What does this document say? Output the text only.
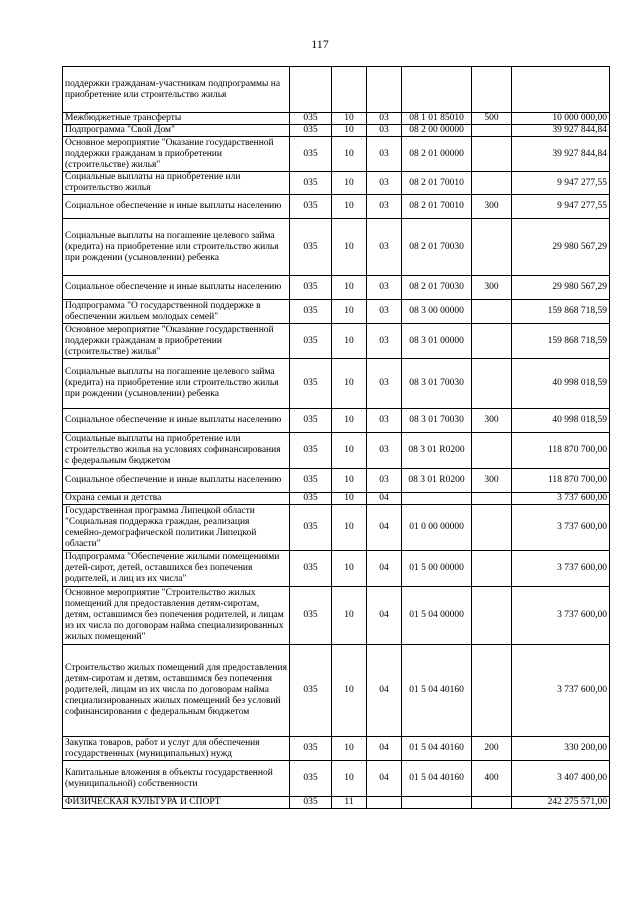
117
поддержки гражданам-участникам подпрограммы на приобретение или строительство жилья						
Межбюджетные трансферты	035	10	03	08 1 01 85010	500	10 000 000,00
Подпрограмма "Свой Дом"	035	10	03	08 2 00 00000		39 927 844,84
Основное мероприятие "Оказание государственной поддержки гражданам в приобретении (строительстве) жилья"	035	10	03	08 2 01 00000		39 927 844,84
Социальные выплаты на приобретение или строительство жилья	035	10	03	08 2 01 70010		9 947 277,55
Социальное обеспечение и иные выплаты населению	035	10	03	08 2 01 70010	300	9 947 277,55
Социальные выплаты на погашение целевого займа (кредита) на приобретение или строительство жилья при рождении (усыновлении) ребенка	035	10	03	08 2 01 70030		29 980 567,29
Социальное обеспечение и иные выплаты населению	035	10	03	08 2 01 70030	300	29 980 567,29
Подпрограмма "О государственной поддержке в обеспечении жильем молодых семей"	035	10	03	08 3 00 00000		159 868 718,59
Основное мероприятие "Оказание государственной поддержки гражданам в приобретении (строительстве) жилья"	035	10	03	08 3 01 00000		159 868 718,59
Социальные выплаты на погашение целевого займа (кредита) на приобретение или строительство жилья при рождении (усыновлении) ребенка	035	10	03	08 3 01 70030		40 998 018,59
Социальное обеспечение и иные выплаты населению	035	10	03	08 3 01 70030	300	40 998 018,59
Социальные выплаты на приобретение или строительство жилья на условиях софинансирования с федеральным бюджетом	035	10	03	08 3 01 R0200		118 870 700,00
Социальное обеспечение и иные выплаты населению	035	10	03	08 3 01 R0200	300	118 870 700,00
Охрана семьи и детства	035	10	04			3 737 600,00
Государственная программа Липецкой области "Социальная поддержка граждан, реализация семейно-демографической политики Липецкой области"	035	10	04	01 0 00 00000		3 737 600,00
Подпрограмма "Обеспечение жилыми помещениями детей-сирот, детей, оставшихся без попечения родителей, и лиц из их числа"	035	10	04	01 5 00 00000		3 737 600,00
Основное мероприятие "Строительство жилых помещений для предоставления детям-сиротам, детям, оставшимся без попечения родителей, и лицам из их числа по договорам найма специализированных жилых помещений"	035	10	04	01 5 04 00000		3 737 600,00
Строительство жилых помещений для предоставления детям-сиротам и детям, оставшимся без попечения родителей, лицам из их числа по договорам найма специализированных жилых помещений без условий софинансирования с федеральным бюджетом	035	10	04	01 5 04 40160		3 737 600,00
Закупка товаров, работ и услуг для обеспечения государственных (муниципальных) нужд	035	10	04	01 5 04 40160	200	330 200,00
Капитальные вложения в объекты государственной (муниципальной) собственности	035	10	04	01 5 04 40160	400	3 407 400,00
ФИЗИЧЕСКАЯ КУЛЬТУРА И СПОРТ	035	11				242 275 571,00
